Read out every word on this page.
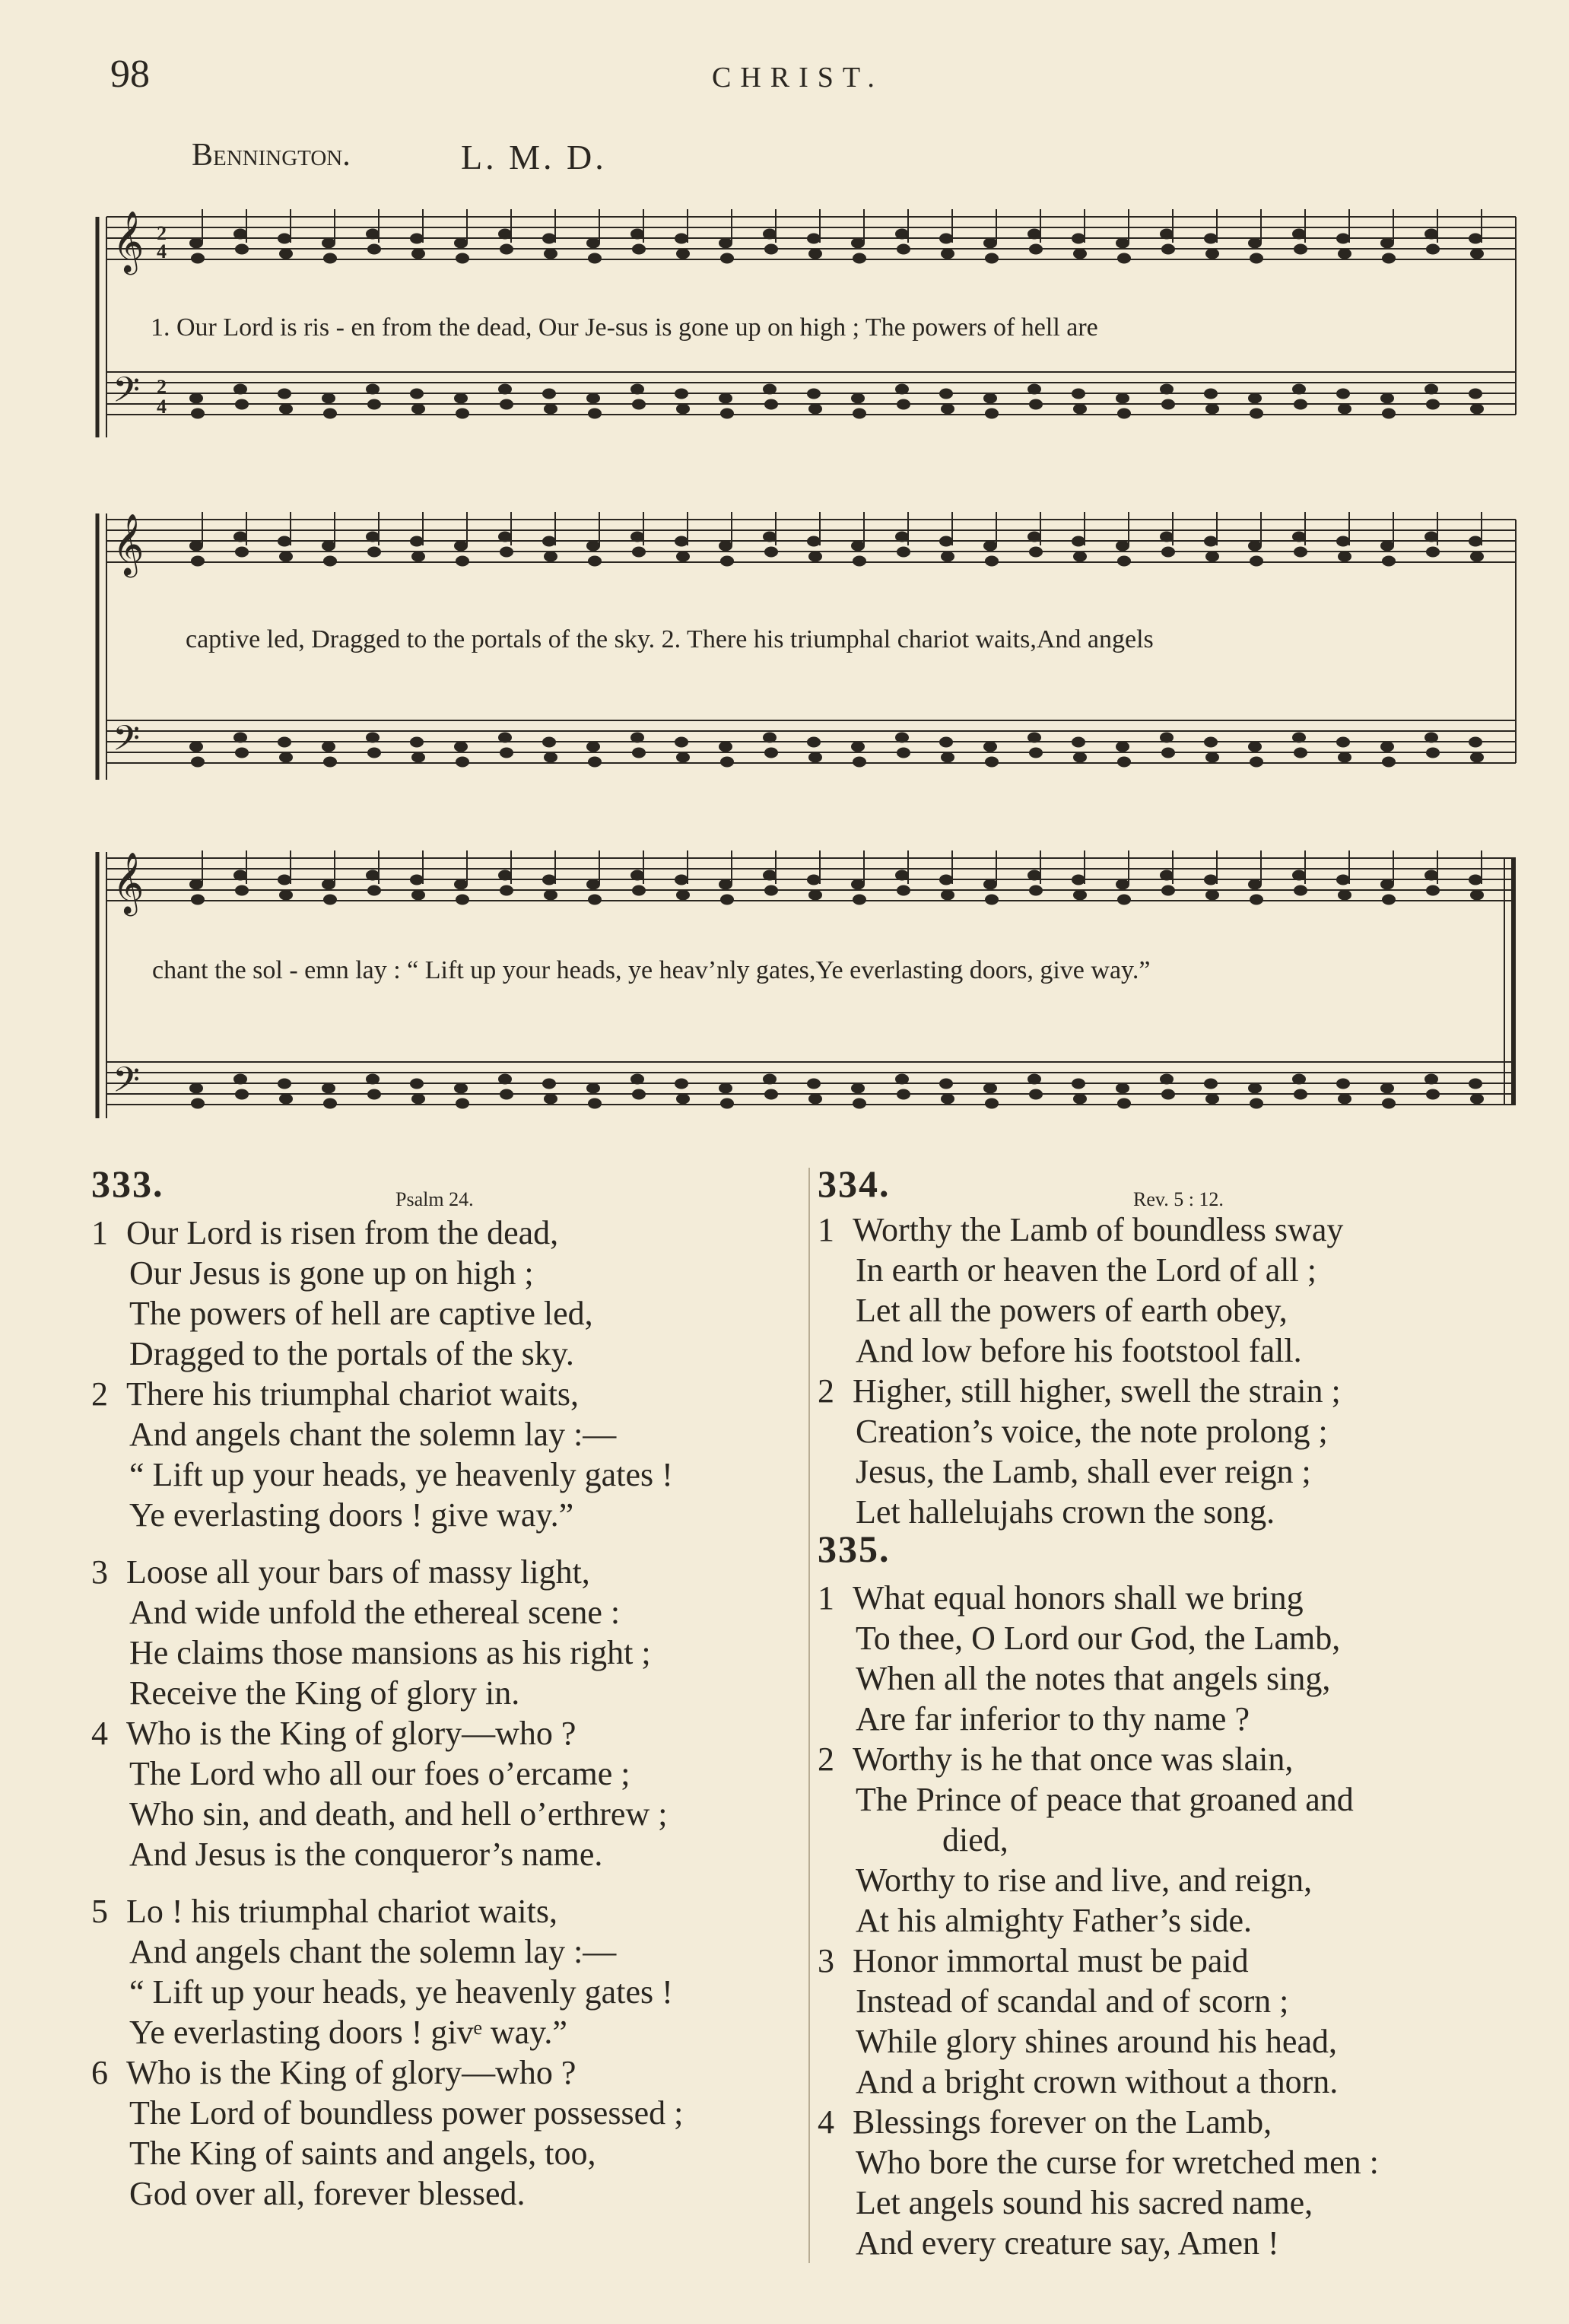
98	CHRIST.
Bennington.	L. M. D.
𝄞
𝄢
2
4
2
4
1. Our Lord is ris - en from the dead, Our Je-sus is gone up on high ; The powers of hell are
𝄞
𝄢
captive led, Dragged to the portals of the sky. 2. There his triumphal chariot waits,And angels
𝄞
𝄢
chant the sol - emn lay : “ Lift up your heads, ye heav’nly gates,Ye everlasting doors, give way.”
333.	Psalm 24.
1 Our Lord is risen from the dead,
Our Jesus is gone up on high ;
The powers of hell are captive led,
Dragged to the portals of the sky.
2 There his triumphal chariot waits,
And angels chant the solemn lay :—
“ Lift up your heads, ye heavenly gates !
Ye everlasting doors ! give way.”
3 Loose all your bars of massy light,
And wide unfold the ethereal scene :
He claims those mansions as his right ;
Receive the King of glory in.
4 Who is the King of glory—who ?
The Lord who all our foes o’ercame ;
Who sin, and death, and hell o’erthrew ;
And Jesus is the conqueror’s name.
5 Lo ! his triumphal chariot waits,
And angels chant the solemn lay :—
“ Lift up your heads, ye heavenly gates !
Ye everlasting doors ! givᵉ way.”
6 Who is the King of glory—who ?
The Lord of boundless power possessed ;
The King of saints and angels, too,
God over all, forever blessed.
334.	Rev. 5 : 12.
1 Worthy the Lamb of boundless sway
In earth or heaven the Lord of all ;
Let all the powers of earth obey,
And low before his footstool fall.
2 Higher, still higher, swell the strain ;
Creation’s voice, the note prolong ;
Jesus, the Lamb, shall ever reign ;
Let hallelujahs crown the song.
335.
1 What equal honors shall we bring
To thee, O Lord our God, the Lamb,
When all the notes that angels sing,
Are far inferior to thy name ?
2 Worthy is he that once was slain,
The Prince of peace that groaned and
died,
Worthy to rise and live, and reign,
At his almighty Father’s side.
3 Honor immortal must be paid
Instead of scandal and of scorn ;
While glory shines around his head,
And a bright crown without a thorn.
4 Blessings forever on the Lamb,
Who bore the curse for wretched men :
Let angels sound his sacred name,
And every creature say, Amen !
